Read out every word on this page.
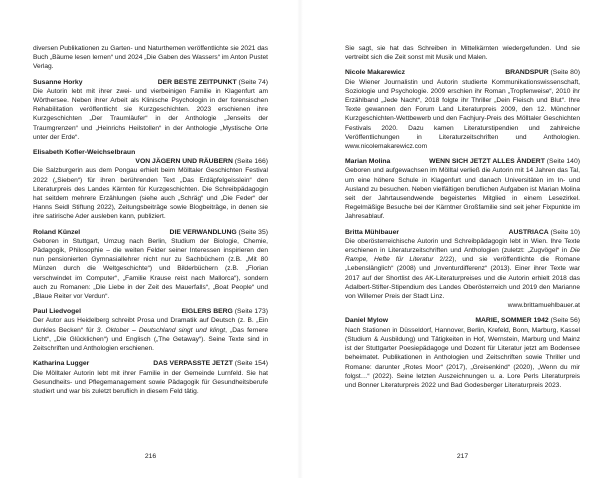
diversen Publikationen zu Garten- und Naturthemen veröffentlichte sie 2021 das Buch „Bäume lesen lernen“ und 2024 „Die Gaben des Wassers“ im Anton Pustet Verlag.

Susanne Horky	DER BESTE ZEITPUNKT (Seite 74)

Die Autorin lebt mit ihrer zwei- und vierbeinigen Familie in Klagenfurt am Wörthersee. Neben ihrer Arbeit als Klinische Psychologin in der forensischen Rehabilitation veröffentlicht sie Kurzgeschichten. 2023 erschienen ihre Kurzgeschichten „Der Traumläufer“ in der Anthologie „Jenseits der Traumgrenzen“ und „Heinrichs Heilstollen“ in der Anthologie „Mystische Orte unter der Erde“.

Elisabeth Kofler-Weichselbraun
VON JÄGERN UND RÄUBERN (Seite 166)

Die Salzburgerin aus dem Pongau erhielt beim Mölltaler Geschichten Festival 2022 („Sieben“) für ihren berührenden Text „Das Erdäpfelgeisslein“ den Literaturpreis des Landes Kärnten für Kurzgeschichten. Die Schreibpädagogin hat seitdem mehrere Erzählungen (siehe auch „Schräg“ und „Die Feder“ der Hanns Seidl Stiftung 2022), Zeitungsbeiträge sowie Blogbeiträge, in denen sie ihre satirische Ader ausleben kann, publiziert.

Roland Künzel	DIE VERWANDLUNG (Seite 35)

Geboren in Stuttgart, Umzug nach Berlin, Studium der Biologie, Chemie, Pädagogik, Philosophie – die weiten Felder seiner Interessen inspirieren den nun pensionierten Gymnasiallehrer nicht nur zu Sachbüchern (z.B. „Mit 80 Münzen durch die Weltgeschichte“) und Bilderbüchern (z.B. „Florian verschwindet im Computer“, „Familie Krause reist nach Mallorca“), sondern auch zu Romanen: „Die Liebe in der Zeit des Mauerfalls“, „Boat People“ und „Blaue Reiter vor Verdun“.

Paul Liedvogel	EIGLERS BERG (Seite 173)

Der Autor aus Heidelberg schreibt Prosa und Dramatik auf Deutsch (z. B. „Ein dunkles Becken“ für 3. Oktober – Deutschland singt und klingt, „Das fernere Licht“, „Die Glücklichen“) und Englisch („The Getaway“). Seine Texte sind in Zeitschriften und Anthologien erschienen.

Katharina Lugger	DAS VERPASSTE JETZT (Seite 154)

Die Mölltaler Autorin lebt mit ihrer Familie in der Gemeinde Lurnfeld. Sie hat Gesundheits- und Pflegemanagement sowie Pädagogik für Gesundheitsberufe studiert und war bis zuletzt beruflich in diesem Feld tätig.

216

Sie sagt, sie hat das Schreiben in Mittelkärnten wiedergefunden. Und sie vertreibt sich die Zeit sonst mit Musik und Malen.

Nicole Makarewicz	BRANDSPUR (Seite 80)

Die Wiener Journalistin und Autorin studierte Kommunikationswissenschaft, Soziologie und Psychologie. 2009 erschien ihr Roman „Tropfenweise“, 2010 ihr Erzählband „Jede Nacht“, 2018 folgte ihr Thriller „Dein Fleisch und Blut“. Ihre Texte gewannen den Forum Land Literaturpreis 2009, den 12. Münchner Kurzgeschichten-Wettbewerb und den Fachjury-Preis des Mölltaler Geschichten Festivals 2020. Dazu kamen Literaturstipendien und zahlreiche Veröffentlichungen in Literaturzeitschriften und Anthologien. www.nicolemakarewicz.com

Marian Molina	WENN SICH JETZT ALLES ÄNDERT (Seite 140)

Geboren und aufgewachsen im Mölltal verließ die Autorin mit 14 Jahren das Tal, um eine höhere Schule in Klagenfurt und danach Universitäten im In- und Ausland zu besuchen. Neben vielfältigen beruflichen Aufgaben ist Marian Molina seit der Jahrtausendwende begeistertes Mitglied in einem Lesezirkel. Regelmäßige Besuche bei der Kärntner Großfamilie sind seit jeher Fixpunkte im Jahresablauf.

Britta Mühlbauer	AUSTRIACA (Seite 10)

Die oberösterreichische Autorin und Schreibpädagogin lebt in Wien. Ihre Texte erschienen in Literaturzeitschriften und Anthologien (zuletzt: „Zugvögel“ in Die Rampe, Hefte für Literatur 2/22), und sie veröffentlichte die Romane „Lebenslänglich“ (2008) und „Inventurdifferenz“ (2013). Einer ihrer Texte war 2017 auf der Shortlist des AK-Literaturpreises und die Autorin erhielt 2018 das Adalbert-Stifter-Stipendium des Landes Oberösterreich und 2019 den Marianne von Willemer Preis der Stadt Linz.

www.brittamuehlbauer.at
Daniel Mylow	MARIE, SOMMER 1942 (Seite 56)

Nach Stationen in Düsseldorf, Hannover, Berlin, Krefeld, Bonn, Marburg, Kassel (Studium & Ausbildung) und Tätigkeiten in Hof, Wernstein, Marburg und Mainz ist der Stuttgarter Poesiepädagoge und Dozent für Literatur jetzt am Bodensee beheimatet. Publikationen in Anthologien und Zeitschriften sowie Thriller und Romane: darunter „Rotes Moor“ (2017), „Greisenkind“ (2020), „Wenn du mir folgst…“ (2022). Seine letzten Auszeichnungen u. a. Lore Perls Literaturpreis und Bonner Literaturpreis 2022 und Bad Godesberger Literaturpreis 2023.

217
